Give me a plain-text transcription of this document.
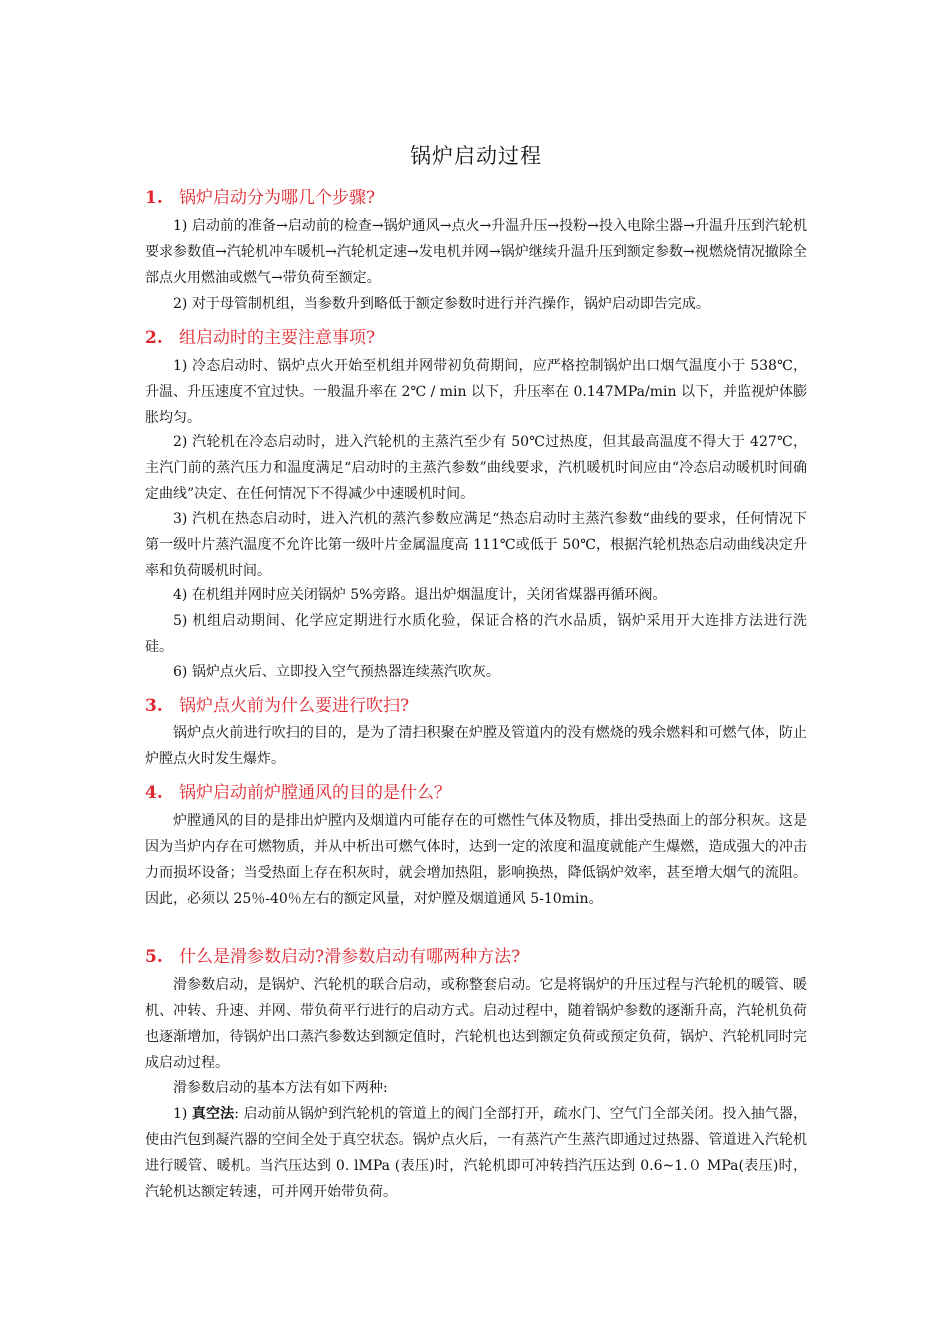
锅炉启动过程
1. 锅炉启动分为哪几个步骤?

1) 启动前的准备→启动前的检查→锅炉通风→点火→升温升压→投粉→投入电除尘器→升温升压到汽轮机要求参数值→汽轮机冲车暖机→汽轮机定速→发电机并网→锅炉继续升温升压到额定参数→视燃烧情况撤除全部点火用燃油或燃气→带负荷至额定。

2) 对于母管制机组，当参数升到略低于额定参数时进行并汽操作，锅炉启动即告完成。

2. 组启动时的主要注意事项?

1) 冷态启动时、锅炉点火开始至机组并网带初负荷期间，应严格控制锅炉出口烟气温度小于 538℃，升温、升压速度不宜过快。一般温升率在 2℃ / min 以下，升压率在 0.147MPa/min 以下，并监视炉体膨胀均匀。

2) 汽轮机在冷态启动时，进入汽轮机的主蒸汽至少有 50℃过热度，但其最高温度不得大于 427℃，主汽门前的蒸汽压力和温度满足“启动时的主蒸汽参数”曲线要求，汽机暖机时间应由“冷态启动暖机时间确定曲线”决定、在任何情况下不得减少中速暖机时间。

3) 汽机在热态启动时，进入汽机的蒸汽参数应满足“热态启动时主蒸汽参数“曲线的要求，任何情况下第一级叶片蒸汽温度不允许比第一级叶片金属温度高 111℃或低于 50℃，根据汽轮机热态启动曲线决定升率和负荷暖机时间。

4) 在机组并网时应关闭锅炉 5%旁路。退出炉烟温度计，关闭省煤器再循环阀。

5) 机组启动期间、化学应定期进行水质化验，保证合格的汽水品质，锅炉采用开大连排方法进行洗硅。

6) 锅炉点火后、立即投入空气预热器连续蒸汽吹灰。

3. 锅炉点火前为什么要进行吹扫?

锅炉点火前进行吹扫的目的，是为了清扫积聚在炉膛及管道内的没有燃烧的残余燃料和可燃气体，防止炉膛点火时发生爆炸。

4. 锅炉启动前炉膛通风的目的是什么？

炉膛通风的目的是排出炉膛内及烟道内可能存在的可燃性气体及物质，排出受热面上的部分积灰。这是因为当炉内存在可燃物质，并从中析出可燃气体时，达到一定的浓度和温度就能产生爆燃，造成强大的冲击力而损坏设备；当受热面上存在积灰时，就会增加热阻，影响换热，降低锅炉效率，甚至增大烟气的流阻。因此，必须以 25％-40％左右的额定风量，对炉膛及烟道通风 5-10min。

5. 什么是滑参数启动?滑参数启动有哪两种方法?

滑参数启动，是锅炉、汽轮机的联合启动，或称整套启动。它是将锅炉的升压过程与汽轮机的暖管、暖机、冲转、升速、并网、带负荷平行进行的启动方式。启动过程中，随着锅炉参数的逐渐升高，汽轮机负荷也逐渐增加，待锅炉出口蒸汽参数达到额定值时，汽轮机也达到额定负荷或预定负荷，锅炉、汽轮机同时完成启动过程。

滑参数启动的基本方法有如下两种:

1) 真空法: 启动前从锅炉到汽轮机的管道上的阀门全部打开，疏水门、空气门全部关闭。投入抽气器，使由汽包到凝汽器的空间全处于真空状态。锅炉点火后，一有蒸汽产生蒸汽即通过过热器、管道进入汽轮机进行暖管、暖机。当汽压达到 0. lMPa (表压)时，汽轮机即可冲转挡汽压达到 0.6~1.０ MPa(表压)时，汽轮机达额定转速，可并网开始带负荷。
